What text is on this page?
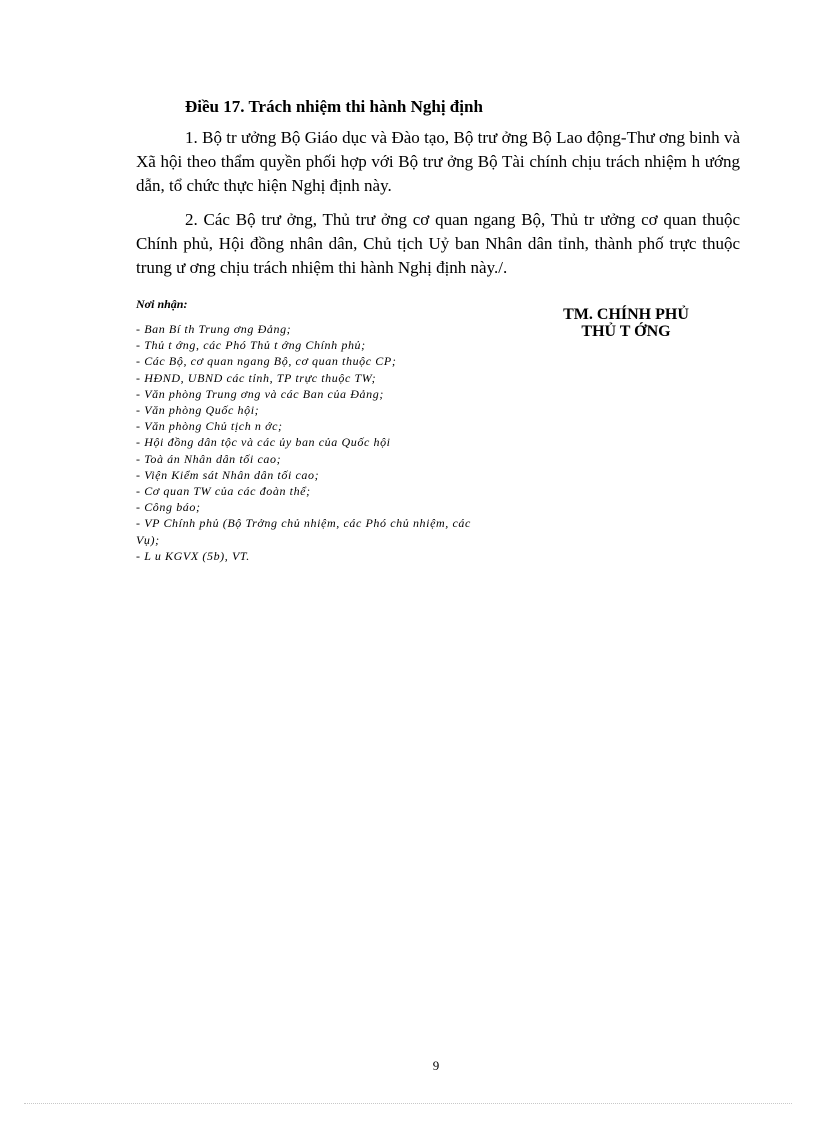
Điều 17. Trách nhiệm thi hành Nghị định

1. Bộ tr ưởng Bộ Giáo dục và Đào tạo, Bộ trư ởng Bộ Lao động-Thư ơng binh và Xã hội theo thẩm quyền phối hợp với Bộ trư ởng Bộ Tài chính chịu trách nhiệm h ướng dẫn, tổ chức thực hiện Nghị định này.

2. Các Bộ trư ởng, Thủ trư ởng cơ quan ngang Bộ, Thủ tr ưởng cơ quan thuộc Chính phủ, Hội đồng nhân dân, Chủ tịch Uỷ ban Nhân dân tỉnh, thành phố trực thuộc trung ư ơng chịu trách nhiệm thi hành Nghị định này./.

Nơi nhận:
- Ban Bí th Trung ơng Đảng;
- Thủ t ớng, các Phó Thủ t ớng Chính phủ;
- Các Bộ, cơ quan ngang Bộ, cơ quan thuộc CP;
- HĐND, UBND các tỉnh, TP trực thuộc TW;
- Văn phòng Trung ơng và các Ban của Đảng;
- Văn phòng Quốc hội;
- Văn phòng Chủ tịch n ớc;
- Hội đồng dân tộc và các ủy ban của Quốc hội
- Toà án Nhân dân tối cao;
- Viện Kiểm sát Nhân dân tối cao;
- Cơ quan TW của các đoàn thể;
- Công báo;
- VP Chính phủ (Bộ Trởng chủ nhiệm, các Phó chủ nhiệm, các Vụ);
- L u KGVX (5b), VT.
TM. CHÍNH PHỦ
THỦ T ỚNG
9
